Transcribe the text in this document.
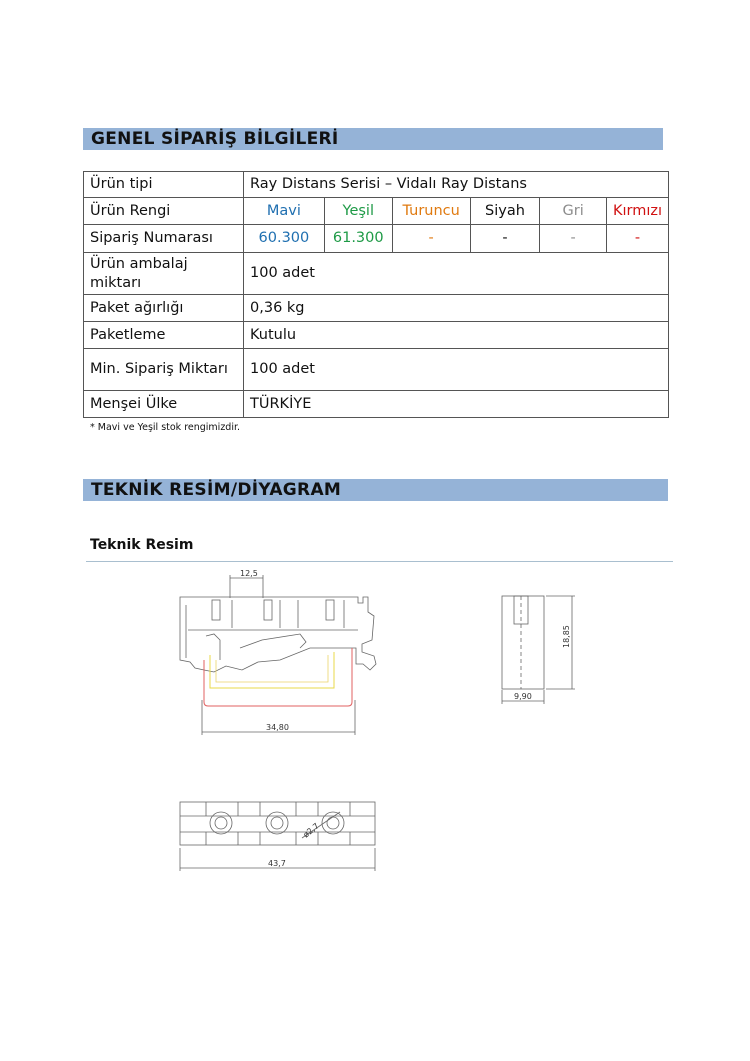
GENEL SİPARİŞ BİLGİLERİ
Ürün tipi	Ray Distans Serisi – Vidalı Ray Distans					
Ürün Rengi	Mavi	Yeşil	Turuncu	Siyah	Gri	Kırmızı
Sipariş Numarası	60.300	61.300	-	-	-	-
Ürün ambalaj miktarı	100 adet					
Paket ağırlığı	0,36 kg					
Paketleme	Kutulu					
Min. Sipariş Miktarı	100 adet					
Menşei Ülke	TÜRKİYE					
* Mavi ve Yeşil stok rengimizdir.
TEKNİK RESİM/DİYAGRAM
Teknik Resim
12,5
34,80
9,90
18,85
ø2,7
43,7
